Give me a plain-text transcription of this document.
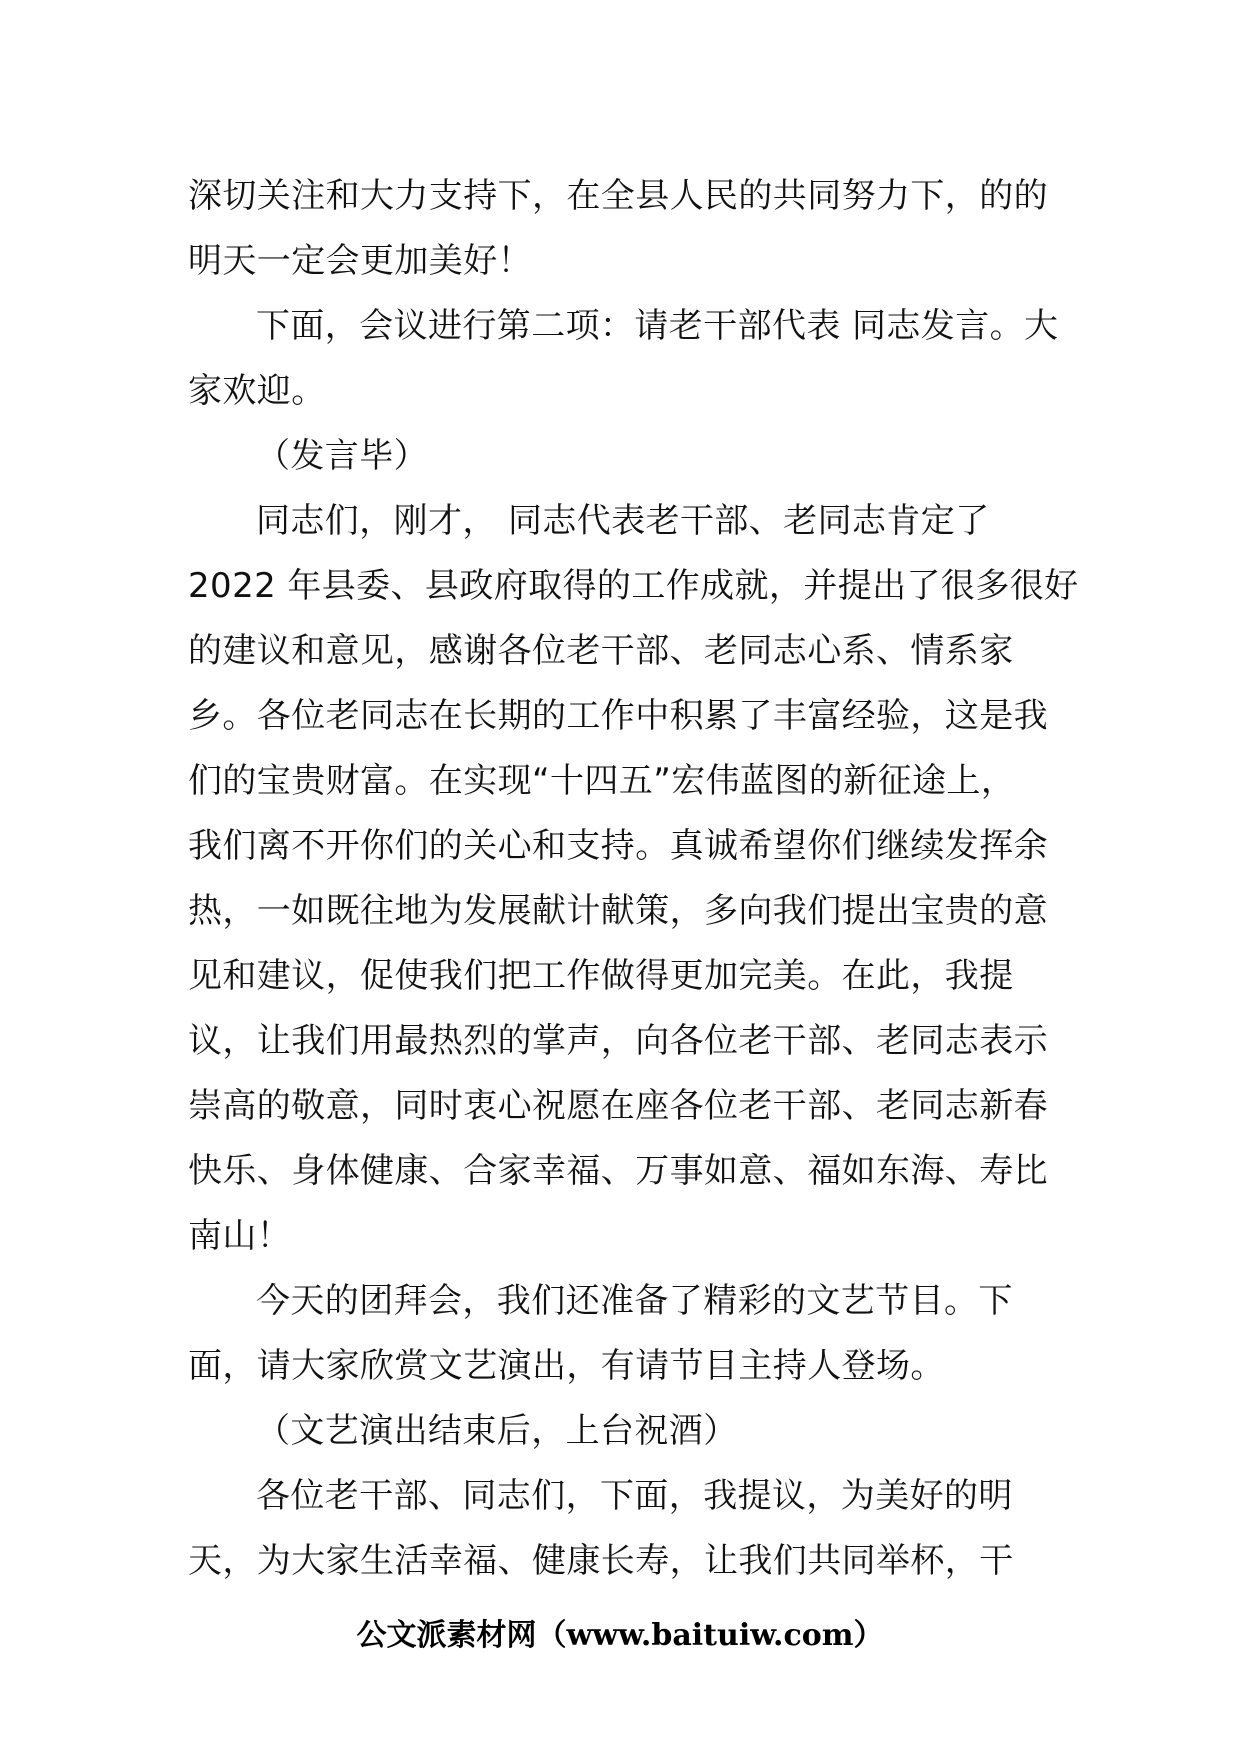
深切关注和大力支持下，在全县人民的共同努力下，的的
明天一定会更加美好！
下面，会议进行第二项：请老干部代表 同志发言。大
家欢迎。
（发言毕）
同志们，刚才， 同志代表老干部、老同志肯定了
2022 年县委、县政府取得的工作成就，并提出了很多很好
的建议和意见，感谢各位老干部、老同志心系、情系家
乡。各位老同志在长期的工作中积累了丰富经验，这是我
们的宝贵财富。在实现“十四五”宏伟蓝图的新征途上，
我们离不开你们的关心和支持。真诚希望你们继续发挥余
热，一如既往地为发展献计献策，多向我们提出宝贵的意
见和建议，促使我们把工作做得更加完美。在此，我提
议，让我们用最热烈的掌声，向各位老干部、老同志表示
崇高的敬意，同时衷心祝愿在座各位老干部、老同志新春
快乐、身体健康、合家幸福、万事如意、福如东海、寿比
南山！
今天的团拜会，我们还准备了精彩的文艺节目。下
面，请大家欣赏文艺演出，有请节目主持人登场。
（文艺演出结束后，上台祝酒）
各位老干部、同志们，下面，我提议，为美好的明
天，为大家生活幸福、健康长寿，让我们共同举杯，干
公文派素材网（www.baituiw.com）
